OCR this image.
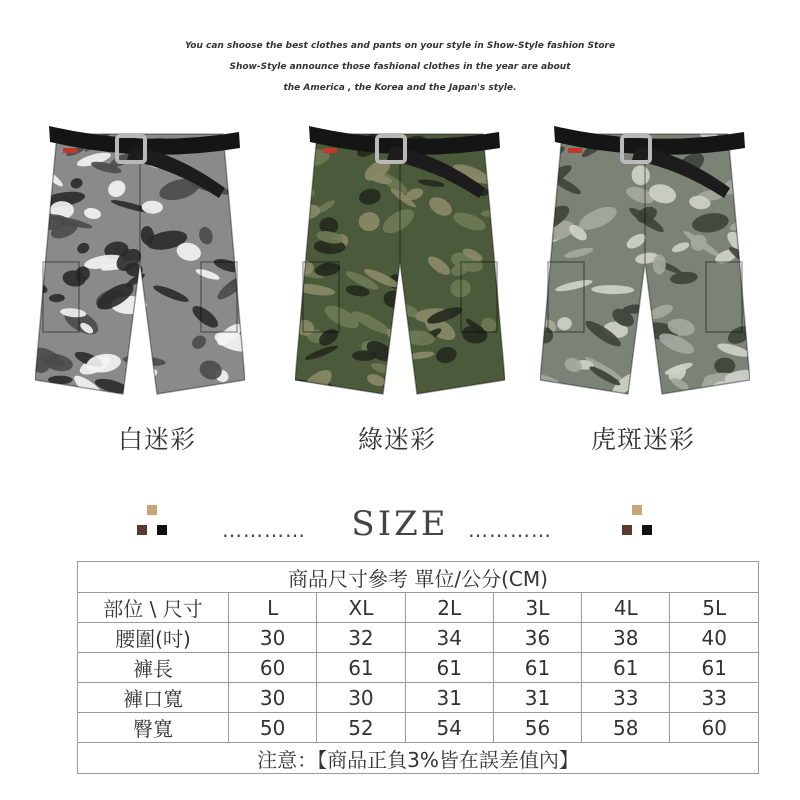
You can shoose the best clothes and pants on your style in Show-Style fashion Store
Show-Style announce those fashional clothes in the year are about
the America , the Korea and the Japan's style.
白迷彩	綠迷彩	虎斑迷彩
…………	SIZE …………
商品尺寸參考 單位/公分(CM)						
部位 \ 尺寸	L	XL	2L	3L	4L	5L
腰圍(吋)	30	32	34	36	38	40
褲長	60	61	61	61	61	61
褲口寬	30	30	31	31	33	33
臀寬	50	52	54	56	58	60
注意：【商品正負3%皆在誤差值內】						
